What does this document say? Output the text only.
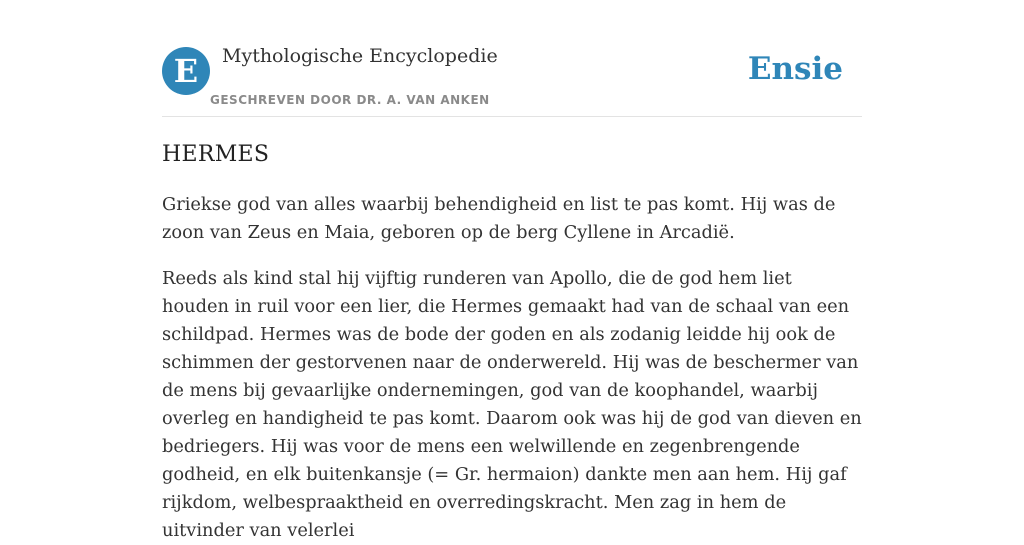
E	Mythologische Encyclopedie
GESCHREVEN DOOR DR. A. VAN ANKEN
Ensie
HERMES

Griekse god van alles waarbij behendigheid en list te pas komt. Hij was de zoon van Zeus en Maia, geboren op de berg Cyllene in Arcadië.

Reeds als kind stal hij vijftig runderen van Apollo, die de god hem liet houden in ruil voor een lier, die Hermes gemaakt had van de schaal van een schildpad. Hermes was de bode der goden en als zodanig leidde hij ook de schimmen der gestorvenen naar de onderwereld. Hij was de beschermer van de mens bij gevaarlijke ondernemingen, god van de koophandel, waarbij overleg en handigheid te pas komt. Daarom ook was hij de god van dieven en bedriegers. Hij was voor de mens een welwillende en zegenbrengende godheid, en elk buitenkansje (= Gr. hermaion) dankte men aan hem. Hij gaf rijkdom, welbespraaktheid en overredingskracht. Men zag in hem de uitvinder van velerlei
